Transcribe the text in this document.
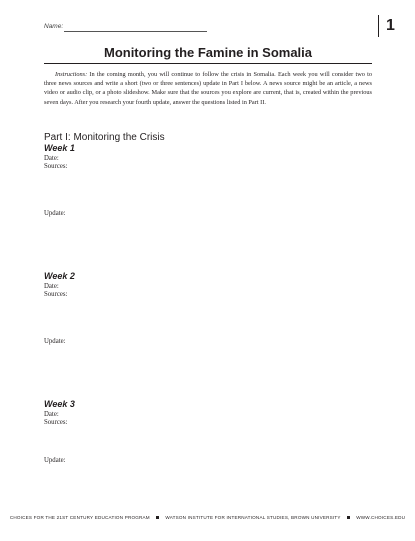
Name:	1
Monitoring the Famine in Somalia
Instructions: In the coming month, you will continue to follow the crisis in Somalia. Each week you will consider two to three news sources and write a short (two or three sentences) update in Part I below. A news source might be an article, a news video or audio clip, or a photo slideshow. Make sure that the sources you explore are current, that is, created within the previous seven days. After you research your fourth update, answer the questions listed in Part II.
Part I: Monitoring the Crisis
Week 1
Date:
Sources:
Update:
Week 2
Date:
Sources:
Update:
Week 3
Date:
Sources:
Update:
CHOICES FOR THE 21ST CENTURY EDUCATION PROGRAM	WATSON INSTITUTE FOR INTERNATIONAL STUDIES, BROWN UNIVERSITY	WWW.CHOICES.EDU
